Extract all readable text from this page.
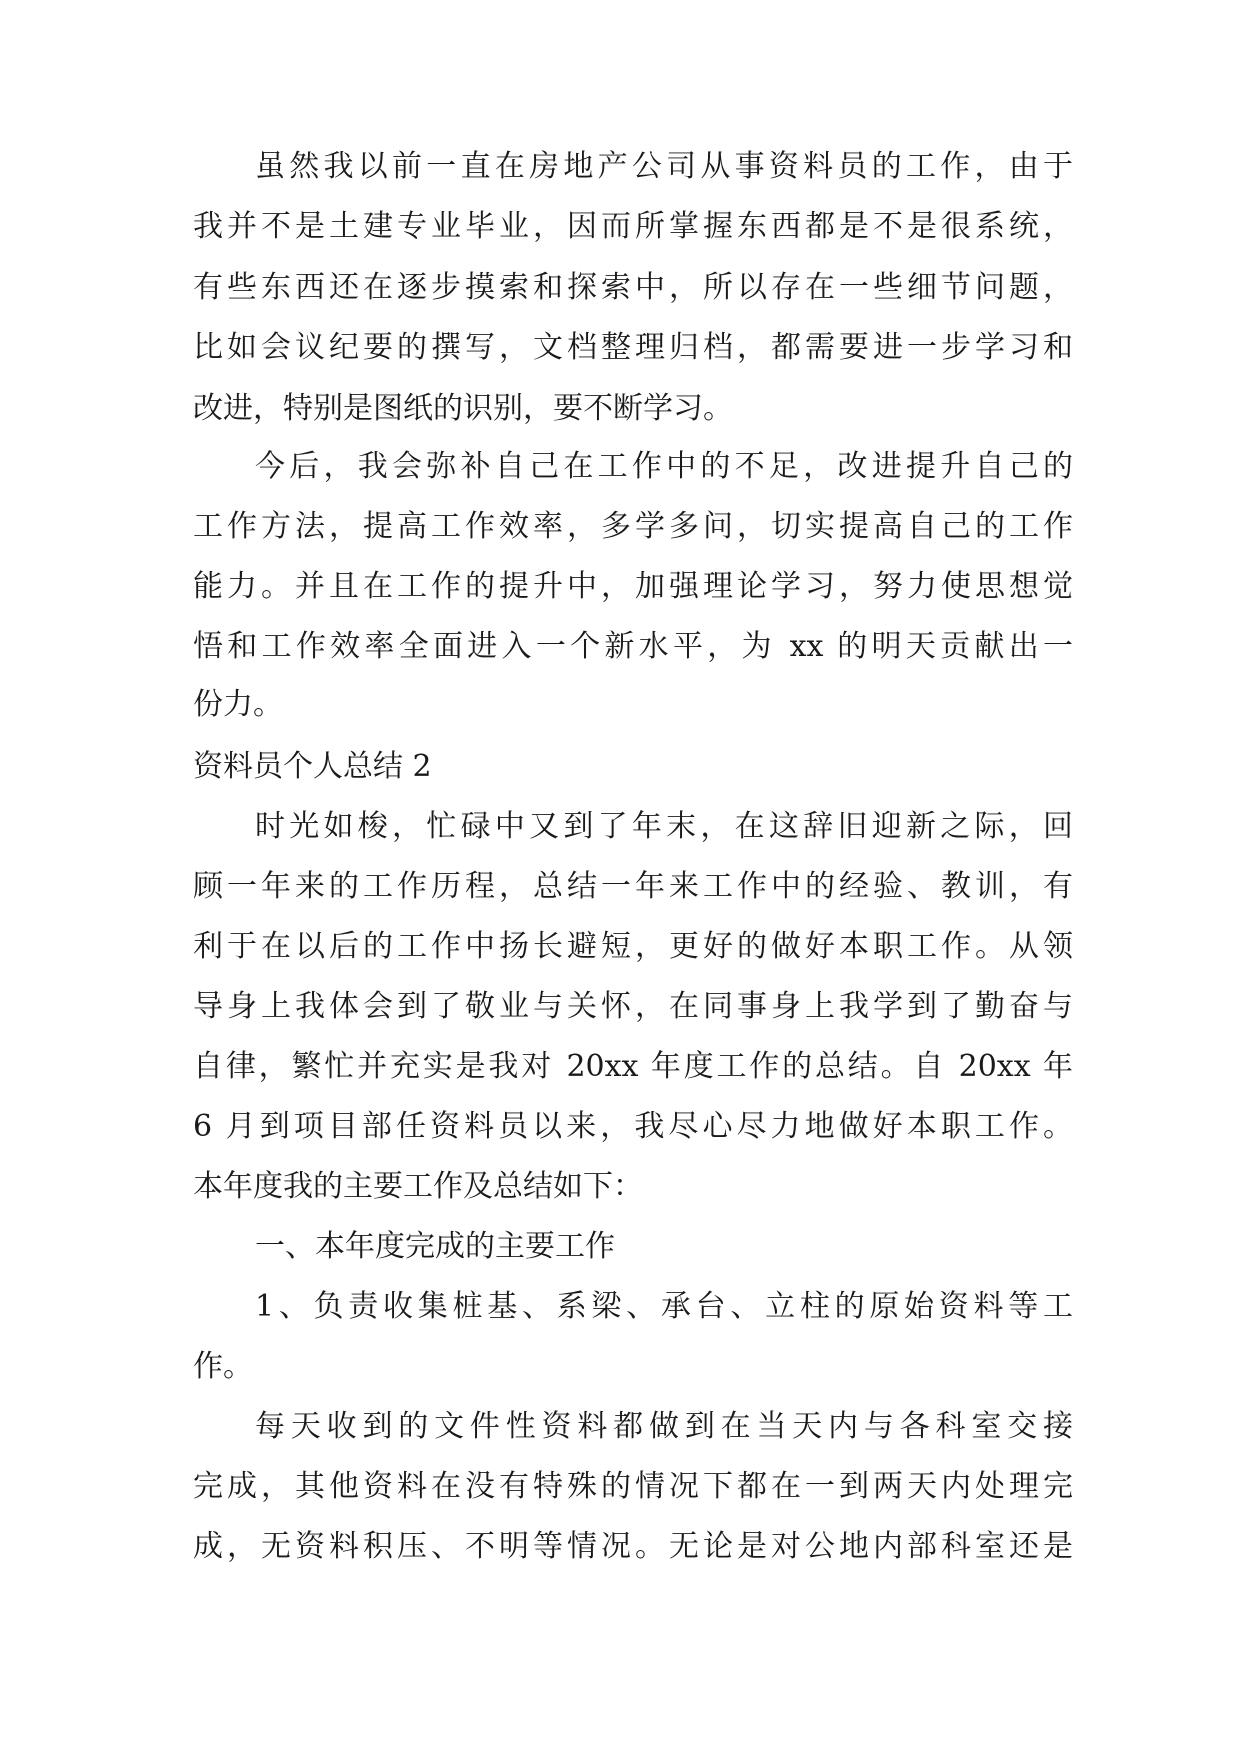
虽然我以前一直在房地产公司从事资料员的工作，由于
我并不是土建专业毕业，因而所掌握东西都是不是很系统，
有些东西还在逐步摸索和探索中，所以存在一些细节问题，
比如会议纪要的撰写，文档整理归档，都需要进一步学习和
改进，特别是图纸的识别，要不断学习。
今后，我会弥补自己在工作中的不足，改进提升自己的
工作方法，提高工作效率，多学多问，切实提高自己的工作
能力。并且在工作的提升中，加强理论学习，努力使思想觉
悟和工作效率全面进入一个新水平，为 xx 的明天贡献出一
份力。
资料员个人总结 2
时光如梭，忙碌中又到了年末，在这辞旧迎新之际，回
顾一年来的工作历程，总结一年来工作中的经验、教训，有
利于在以后的工作中扬长避短，更好的做好本职工作。从领
导身上我体会到了敬业与关怀，在同事身上我学到了勤奋与
自律，繁忙并充实是我对 20xx 年度工作的总结。自 20xx 年
6 月到项目部任资料员以来，我尽心尽力地做好本职工作。
本年度我的主要工作及总结如下：
一、本年度完成的主要工作
1、负责收集桩基、系梁、承台、立柱的原始资料等工
作。
每天收到的文件性资料都做到在当天内与各科室交接
完成，其他资料在没有特殊的情况下都在一到两天内处理完
成，无资料积压、不明等情况。无论是对公地内部科室还是
